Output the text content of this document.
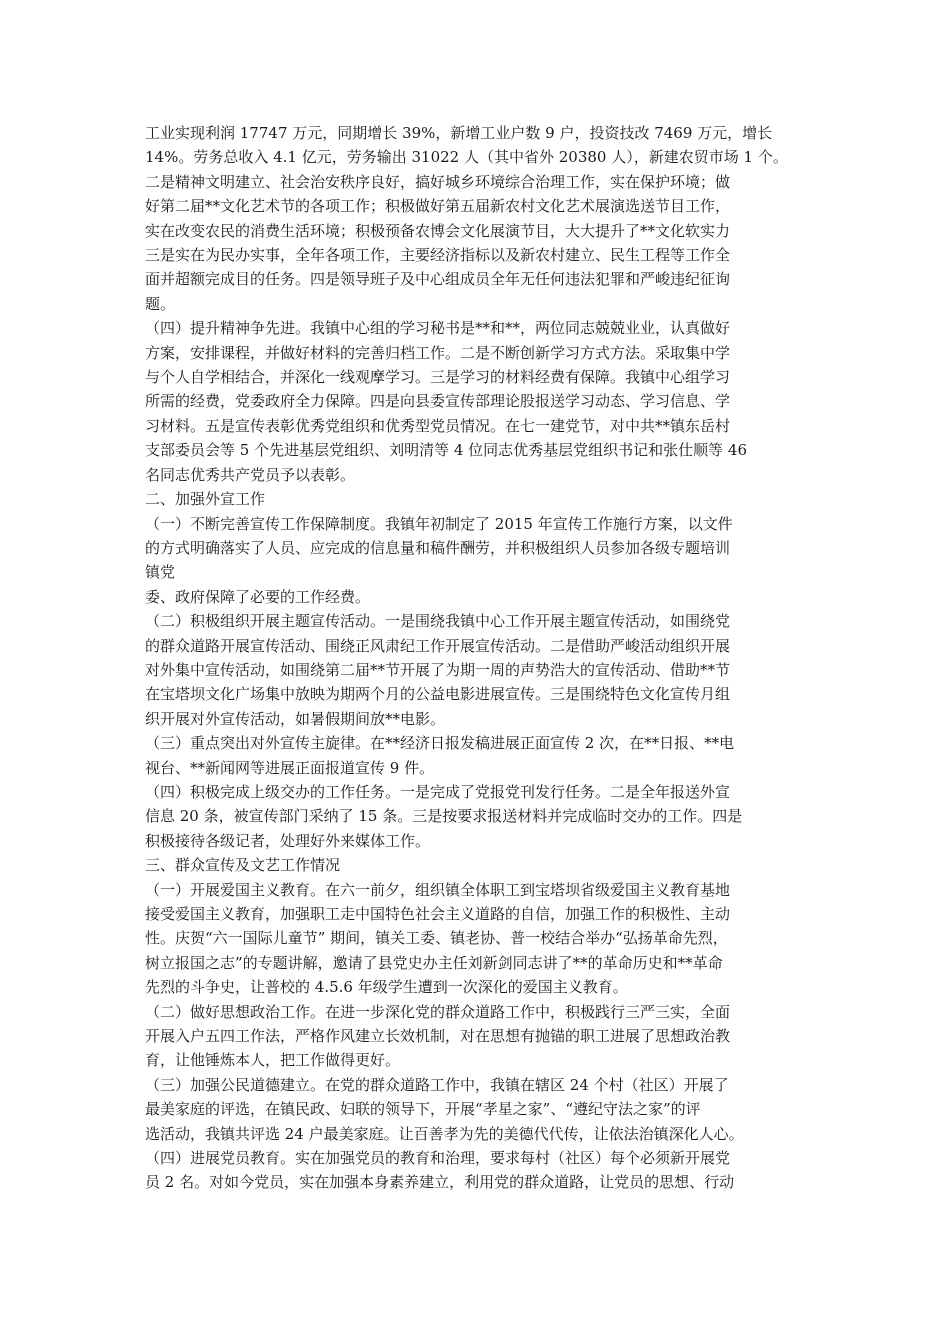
工业实现利润 17747 万元，同期增长 39%，新增工业户数 9 户，投资技改 7469 万元，增长
14%。劳务总收入 4.1 亿元，劳务输出 31022 人（其中省外 20380 人），新建农贸市场 1 个。
二是精神文明建立、社会治安秩序良好，搞好城乡环境综合治理工作，实在保护环境；做
好第二届**文化艺术节的各项工作；积极做好第五届新农村文化艺术展演选送节目工作，
实在改变农民的消费生活环境；积极预备农博会文化展演节目，大大提升了**文化软实力
三是实在为民办实事，全年各项工作，主要经济指标以及新农村建立、民生工程等工作全
面并超额完成目的任务。四是领导班子及中心组成员全年无任何违法犯罪和严峻违纪征询
题。
（四）提升精神争先进。我镇中心组的学习秘书是**和**，两位同志兢兢业业，认真做好
方案，安排课程，并做好材料的完善归档工作。二是不断创新学习方式方法。采取集中学
与个人自学相结合，并深化一线观摩学习。三是学习的材料经费有保障。我镇中心组学习
所需的经费，党委政府全力保障。四是向县委宣传部理论股报送学习动态、学习信息、学
习材料。五是宣传表彰优秀党组织和优秀型党员情况。在七一建党节，对中共**镇东岳村
支部委员会等 5 个先进基层党组织、刘明清等 4 位同志优秀基层党组织书记和张仕顺等 46
名同志优秀共产党员予以表彰。
二、加强外宣工作
（一）不断完善宣传工作保障制度。我镇年初制定了 2015 年宣传工作施行方案，以文件
的方式明确落实了人员、应完成的信息量和稿件酬劳，并积极组织人员参加各级专题培训
镇党
委、政府保障了必要的工作经费。
（二）积极组织开展主题宣传活动。一是围绕我镇中心工作开展主题宣传活动，如围绕党
的群众道路开展宣传活动、围绕正风肃纪工作开展宣传活动。二是借助严峻活动组织开展
对外集中宣传活动，如围绕第二届**节开展了为期一周的声势浩大的宣传活动、借助**节
在宝塔坝文化广场集中放映为期两个月的公益电影进展宣传。三是围绕特色文化宣传月组
织开展对外宣传活动，如暑假期间放**电影。
（三）重点突出对外宣传主旋律。在**经济日报发稿进展正面宣传 2 次，在**日报、**电
视台、**新闻网等进展正面报道宣传 9 件。
（四）积极完成上级交办的工作任务。一是完成了党报党刊发行任务。二是全年报送外宣
信息 20 条，被宣传部门采纳了 15 条。三是按要求报送材料并完成临时交办的工作。四是
积极接待各级记者，处理好外来媒体工作。
三、群众宣传及文艺工作情况
（一）开展爱国主义教育。在六一前夕，组织镇全体职工到宝塔坝省级爱国主义教育基地
接受爱国主义教育，加强职工走中国特色社会主义道路的自信，加强工作的积极性、主动
性。庆贺“六一国际儿童节” 期间，镇关工委、镇老协、普一校结合举办“弘扬革命先烈，
树立报国之志”的专题讲解，邀请了县党史办主任刘新剑同志讲了**的革命历史和**革命
先烈的斗争史，让普校的 4.5.6 年级学生遭到一次深化的爱国主义教育。
（二）做好思想政治工作。在进一步深化党的群众道路工作中，积极践行三严三实，全面
开展入户五四工作法，严格作风建立长效机制，对在思想有抛锚的职工进展了思想政治教
育，让他锤炼本人，把工作做得更好。
（三）加强公民道德建立。在党的群众道路工作中，我镇在辖区 24 个村（社区）开展了
最美家庭的评选，在镇民政、妇联的领导下，开展“孝星之家”、“遵纪守法之家”的评
选活动，我镇共评选 24 户最美家庭。让百善孝为先的美德代代传，让依法治镇深化人心。
（四）进展党员教育。实在加强党员的教育和治理，要求每村（社区）每个必须新开展党
员 2 名。对如今党员，实在加强本身素养建立，利用党的群众道路，让党员的思想、行动
